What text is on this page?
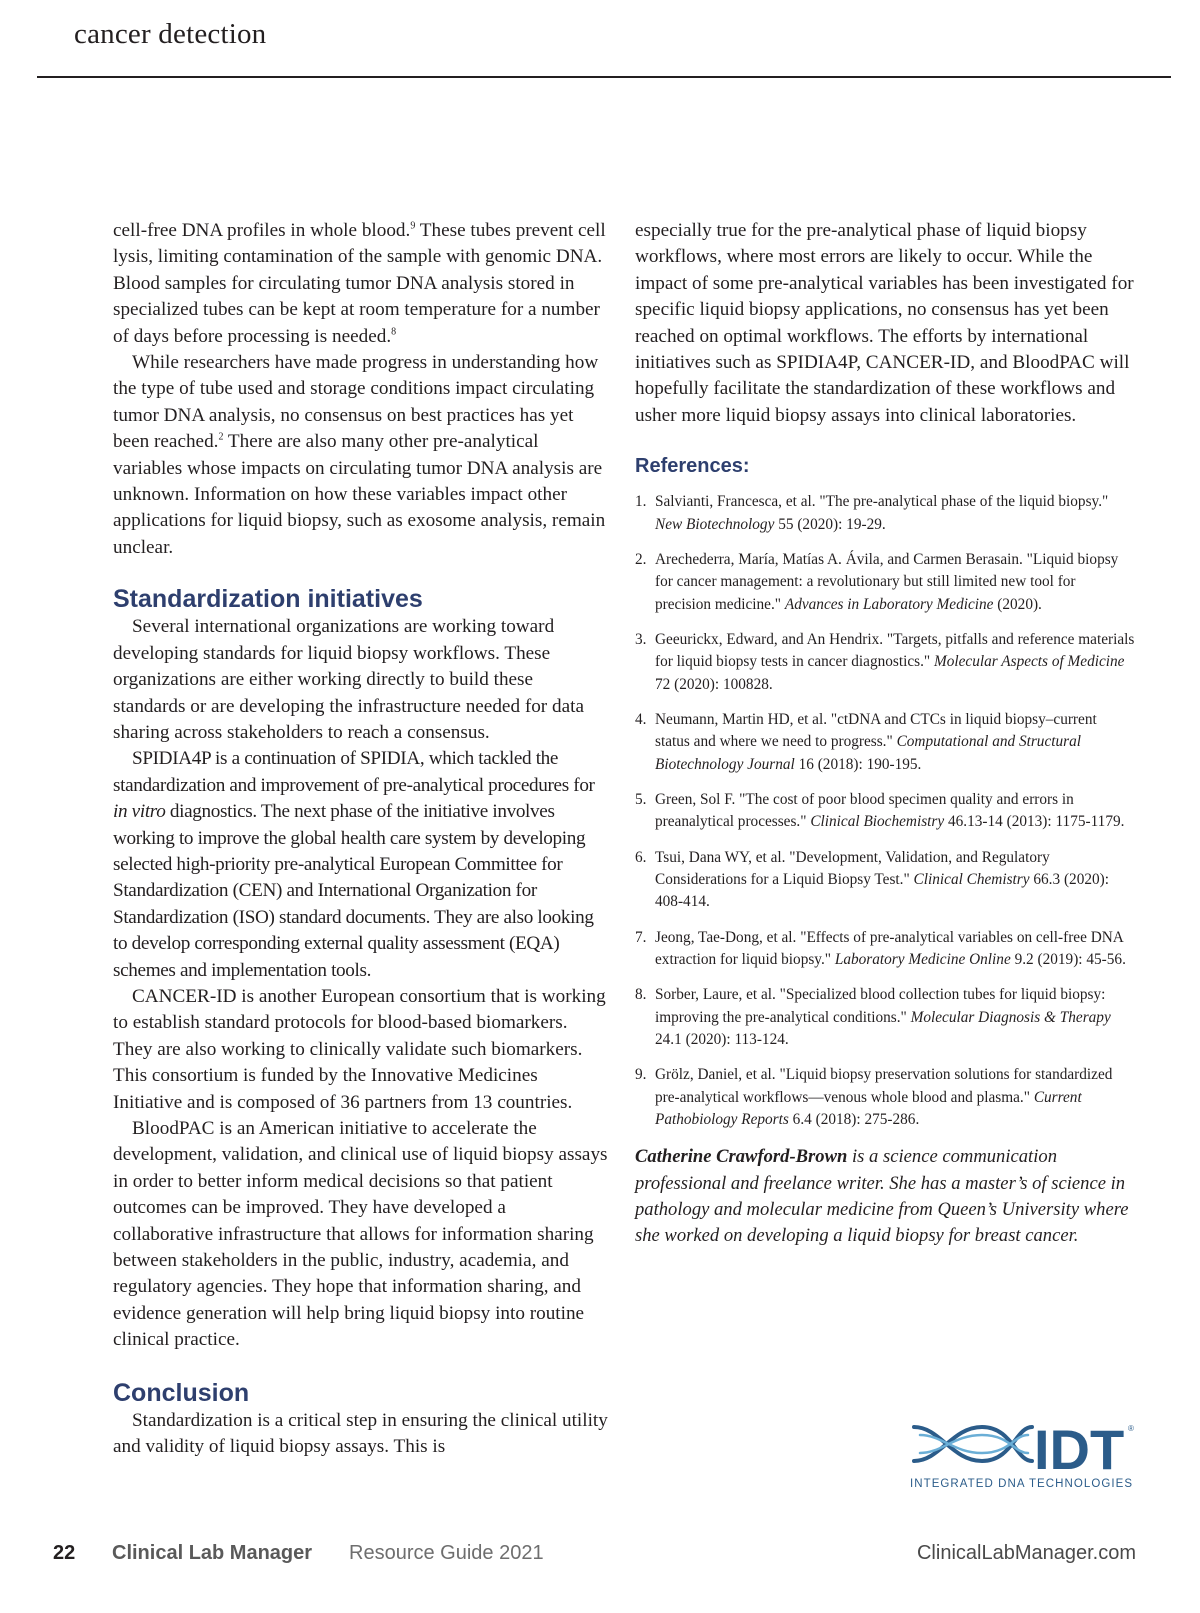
cancer detection

cell-free DNA profiles in whole blood.$^9$ These tubes prevent cell lysis, limiting contamination of the sample with genomic DNA. Blood samples for circulating tumor DNA analysis stored in specialized tubes can be kept at room temperature for a number of days before processing is needed.$^8$

While researchers have made progress in understanding how the type of tube used and storage conditions impact circulating tumor DNA analysis, no consensus on best practices has yet been reached.$^2$ There are also many other pre-analytical variables whose impacts on circulating tumor DNA analysis are unknown. Information on how these variables impact other applications for liquid biopsy, such as exosome analysis, remain unclear.

Standardization initiatives

Several international organizations are working toward developing standards for liquid biopsy workflows. These organizations are either working directly to build these standards or are developing the infrastructure needed for data sharing across stakeholders to reach a consensus.

SPIDIA4P is a continuation of SPIDIA, which tackled the standardization and improvement of pre-analytical procedures for in vitro diagnostics. The next phase of the initiative involves working to improve the global health care system by developing selected high-priority pre-analytical European Committee for Standardization (CEN) and International Organization for Standardization (ISO) standard documents. They are also looking to develop corresponding external quality assessment (EQA) schemes and implementation tools.

CANCER-ID is another European consortium that is working to establish standard protocols for blood-based biomarkers. They are also working to clinically validate such biomarkers. This consortium is funded by the Innovative Medicines Initiative and is composed of 36 partners from 13 countries.

BloodPAC is an American initiative to accelerate the development, validation, and clinical use of liquid biopsy assays in order to better inform medical decisions so that patient outcomes can be improved. They have developed a collaborative infrastructure that allows for information sharing between stakeholders in the public, industry, academia, and regulatory agencies. They hope that information sharing, and evidence generation will help bring liquid biopsy into routine clinical practice.

Conclusion

Standardization is a critical step in ensuring the clinical utility and validity of liquid biopsy assays. This is

especially true for the pre-analytical phase of liquid biopsy workflows, where most errors are likely to occur. While the impact of some pre-analytical variables has been investigated for specific liquid biopsy applications, no consensus has yet been reached on optimal workflows. The efforts by international initiatives such as SPIDIA4P, CANCER-ID, and BloodPAC will hopefully facilitate the standardization of these workflows and usher more liquid biopsy assays into clinical laboratories.

References:
1. Salvianti, Francesca, et al. "The pre-analytical phase of the liquid biopsy." New Biotechnology 55 (2020): 19-29.
2. Arechederra, María, Matías A. Ávila, and Carmen Berasain. "Liquid biopsy for cancer management: a revolutionary but still limited new tool for precision medicine." Advances in Laboratory Medicine (2020).
3. Geeurickx, Edward, and An Hendrix. "Targets, pitfalls and reference materials for liquid biopsy tests in cancer diagnostics." Molecular Aspects of Medicine 72 (2020): 100828.
4. Neumann, Martin HD, et al. "ctDNA and CTCs in liquid biopsy–current status and where we need to progress." Computational and Structural Biotechnology Journal 16 (2018): 190-195.
5. Green, Sol F. "The cost of poor blood specimen quality and errors in preanalytical processes." Clinical Biochemistry 46.13-14 (2013): 1175-1179.
6. Tsui, Dana WY, et al. "Development, Validation, and Regulatory Considerations for a Liquid Biopsy Test." Clinical Chemistry 66.3 (2020): 408-414.
7. Jeong, Tae-Dong, et al. "Effects of pre-analytical variables on cell-free DNA extraction for liquid biopsy." Laboratory Medicine Online 9.2 (2019): 45-56.
8. Sorber, Laure, et al. "Specialized blood collection tubes for liquid biopsy: improving the pre-analytical conditions." Molecular Diagnosis & Therapy 24.1 (2020): 113-124.
9. Grölz, Daniel, et al. "Liquid biopsy preservation solutions for standardized pre-analytical workflows—venous whole blood and plasma." Current Pathobiology Reports 6.4 (2018): 275-286.

Catherine Crawford-Brown is a science communication professional and freelance writer. She has a master’s of science in pathology and molecular medicine from Queen’s University where she worked on developing a liquid biopsy for breast cancer.

IDT ®
INTEGRATED DNA TECHNOLOGIES
22 Clinical Lab Manager Resource Guide 2021	ClinicalLabManager.com
